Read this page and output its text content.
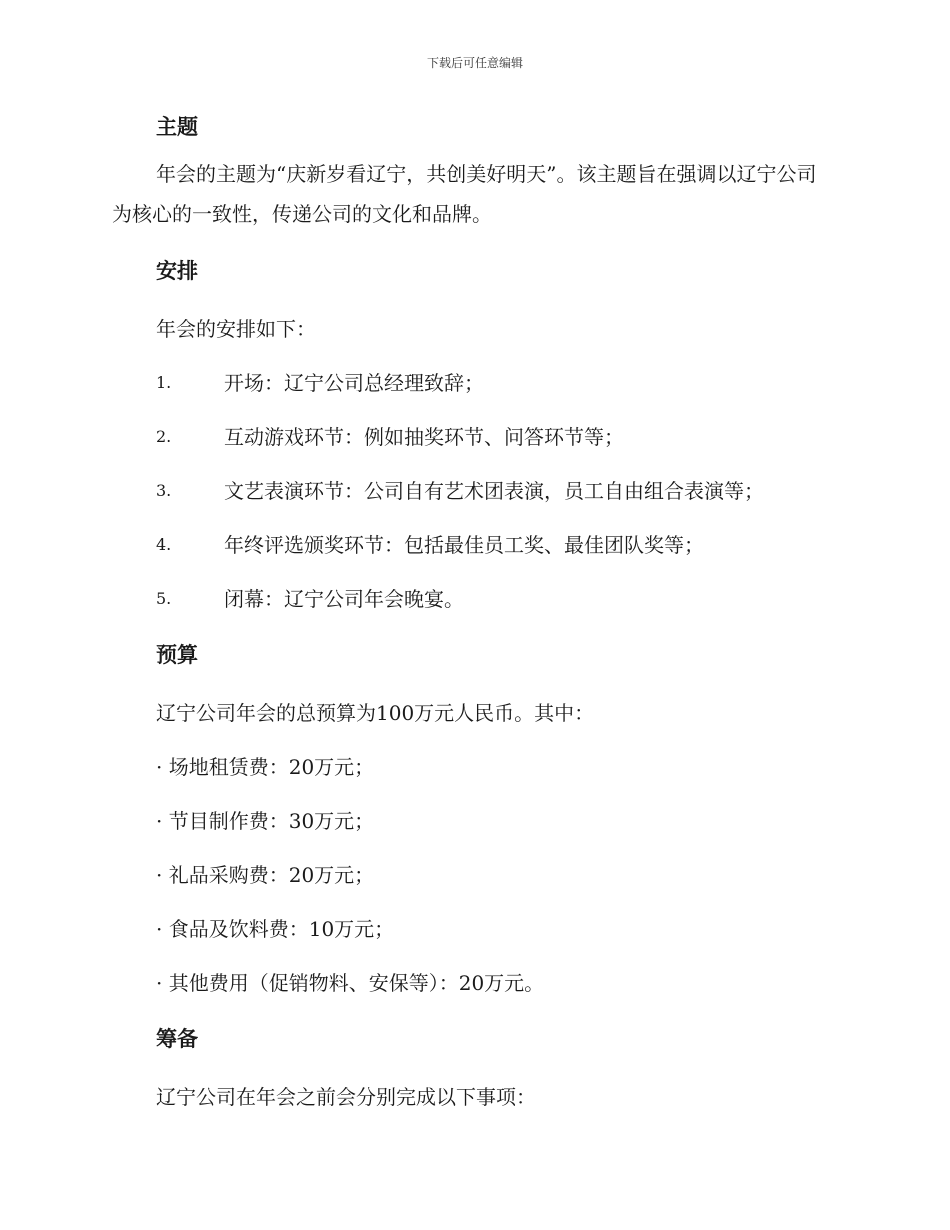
下载后可任意编辑
主题

年会的主题为“庆新岁看辽宁，共创美好明天”。该主题旨在强调以辽宁公司为核心的一致性，传递公司的文化和品牌。

安排

年会的安排如下：

1.	开场：辽宁公司总经理致辞；
2.	互动游戏环节：例如抽奖环节、问答环节等；
3.	文艺表演环节：公司自有艺术团表演，员工自由组合表演等；
4.	年终评选颁奖环节：包括最佳员工奖、最佳团队奖等；
5.	闭幕：辽宁公司年会晚宴。
预算

辽宁公司年会的总预算为100万元人民币。其中：

· 场地租赁费：20万元；

· 节目制作费：30万元；

· 礼品采购费：20万元；

· 食品及饮料费：10万元；

· 其他费用（促销物料、安保等）：20万元。

筹备

辽宁公司在年会之前会分别完成以下事项：
